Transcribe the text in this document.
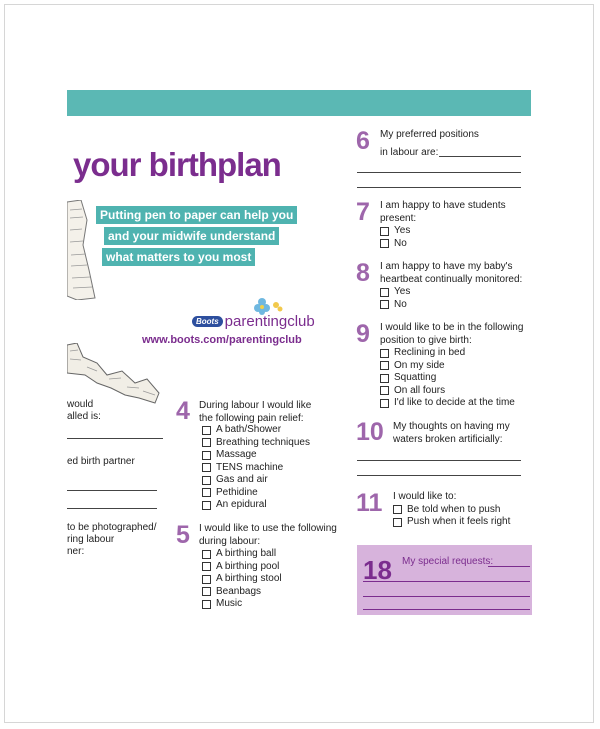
your birthplan
Putting pen to paper can help you
and your midwife understand
what matters to you most
Boots parentingclub
www.boots.com/parentingclub
would
alled is:
ed birth partner
to be photographed/
ring labour
ner:
4 During labour I would like
the following pain relief:
A bath/Shower
Breathing techniques
Massage
TENS machine
Gas and air
Pethidine
An epidural
5 I would like to use the following
during labour:
A birthing ball
A birthing pool
A birthing stool
Beanbags
Music
6 My preferred positions
in labour are:
7 I am happy to have students
present:
Yes
No
8 I am happy to have my baby's
heartbeat continually monitored:
Yes
No
9 I would like to be in the following
position to give birth:
Reclining in bed
On my side
Squatting
On all fours
I'd like to decide at the time
10 My thoughts on having my
waters broken artificially:
11 I would like to:
Be told when to push
Push when it feels right
18 My special requests:
